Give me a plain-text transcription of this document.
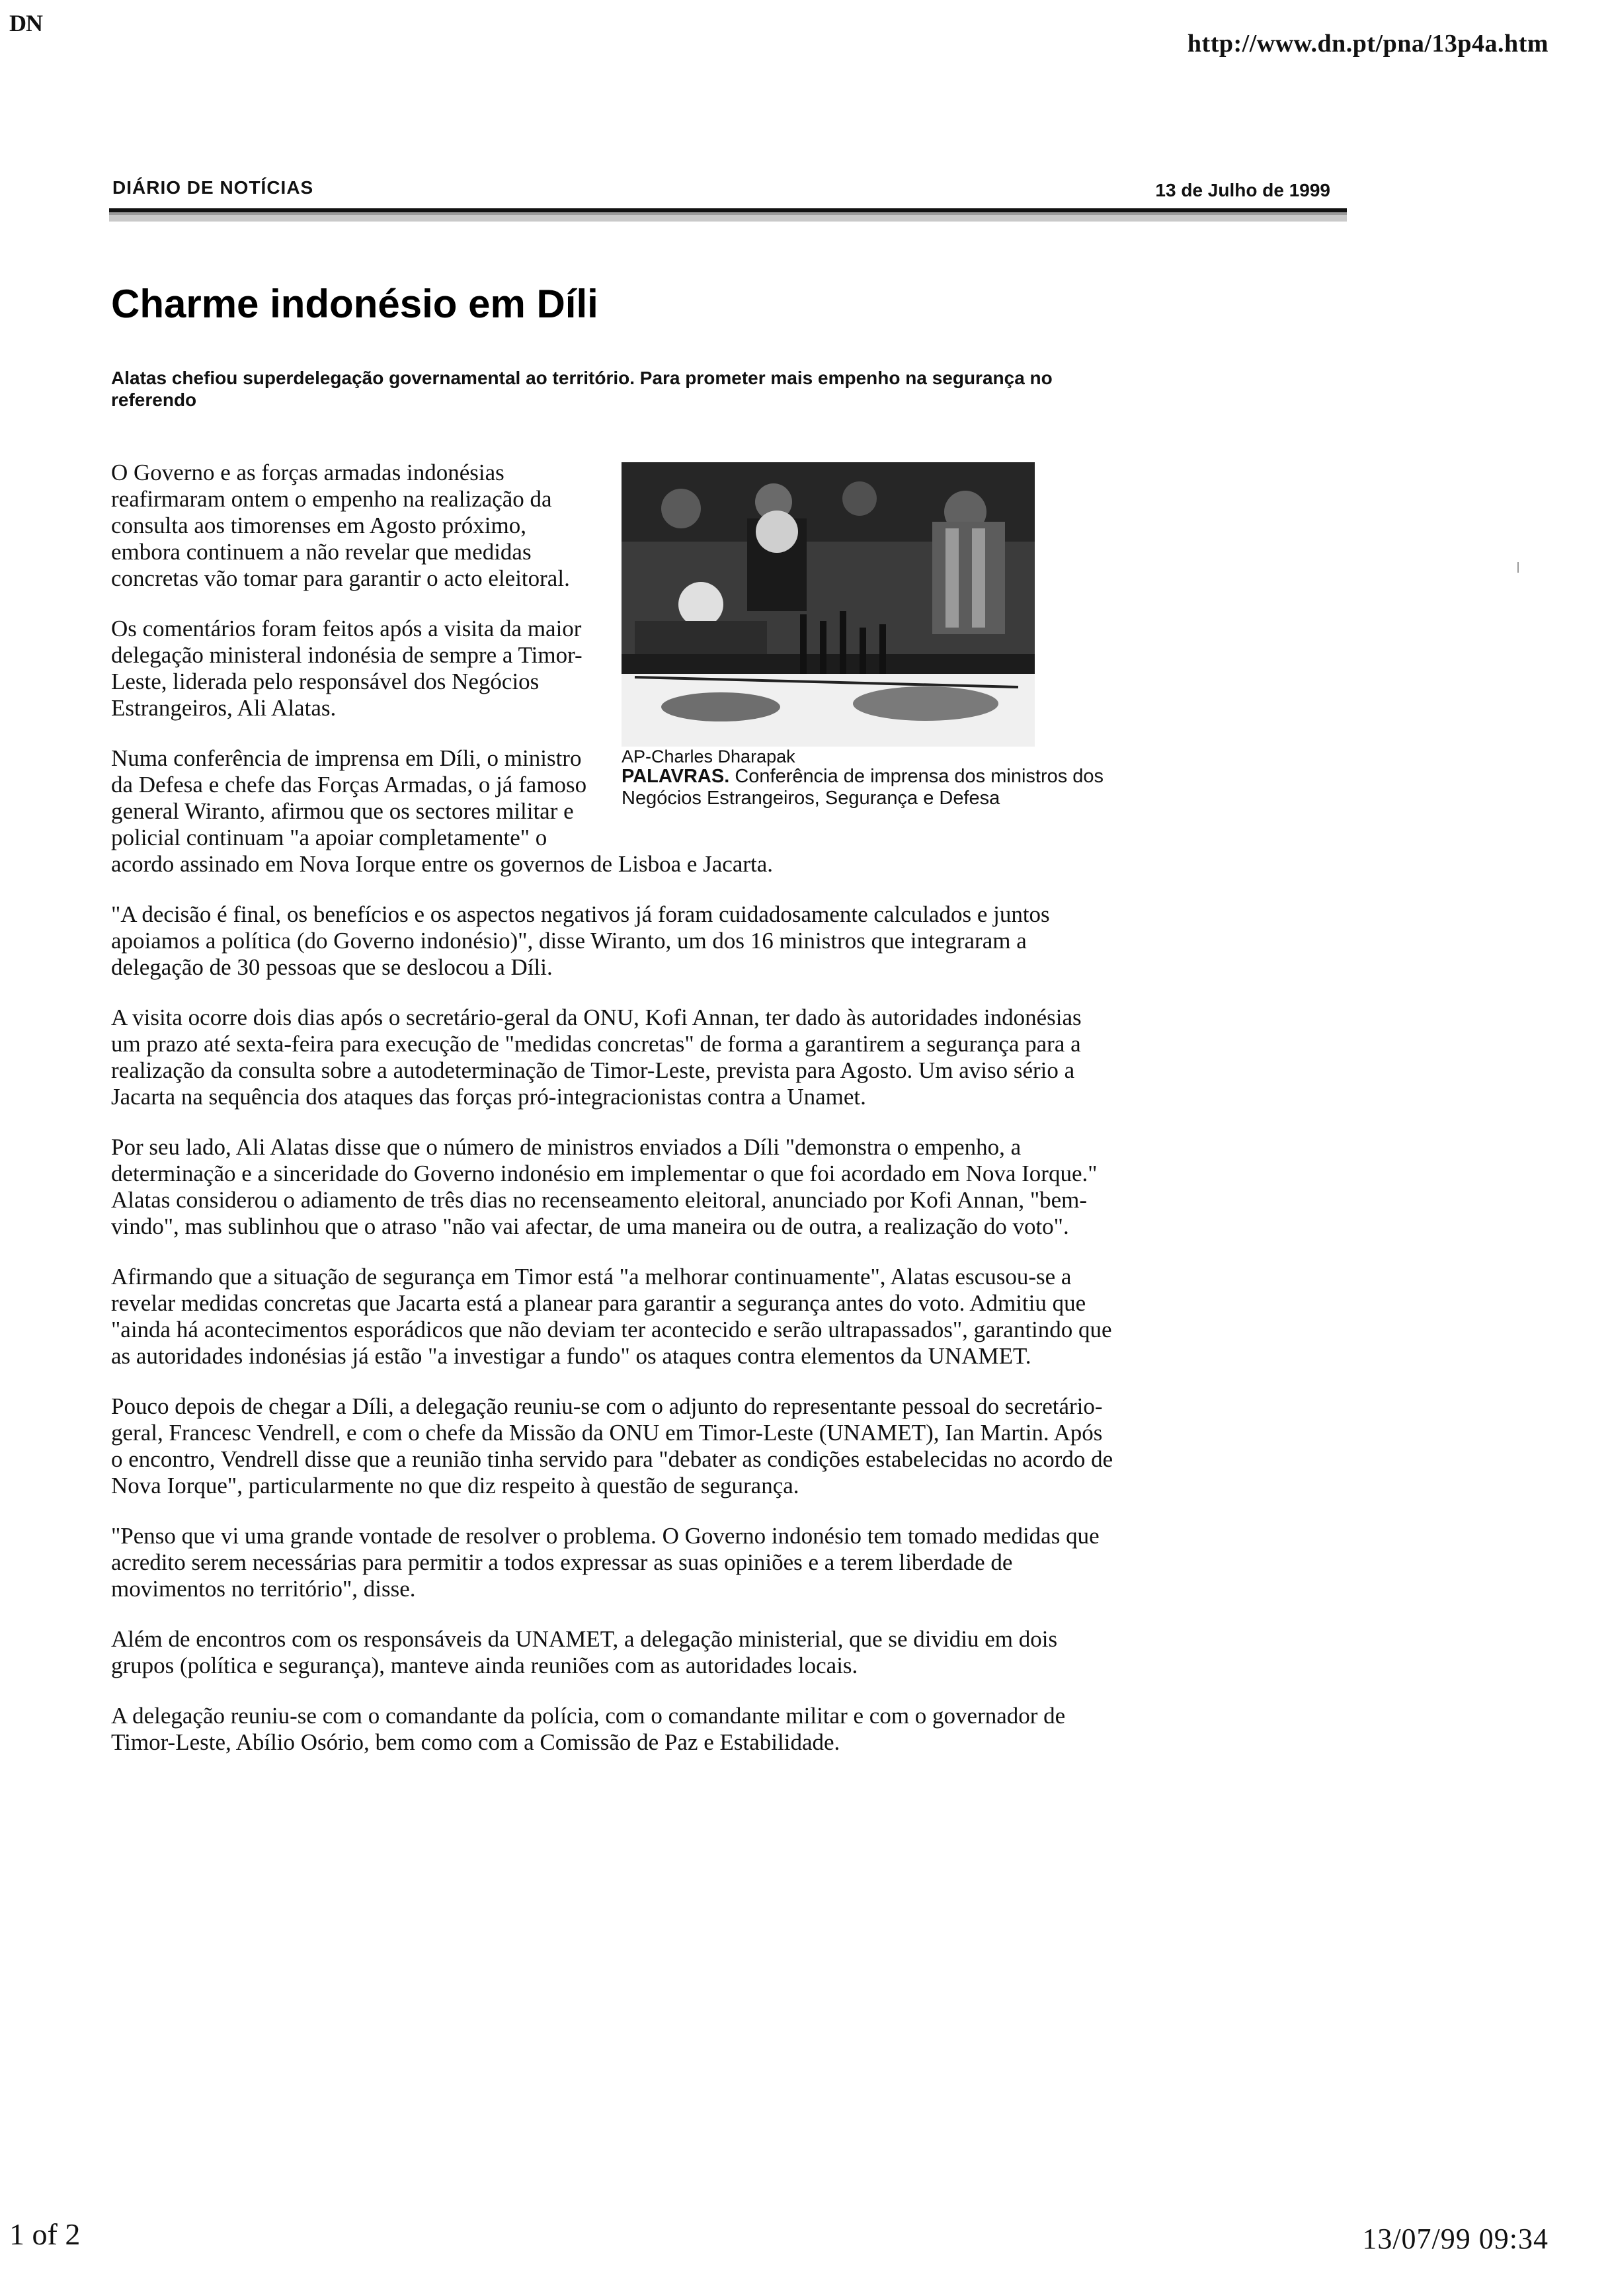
DN
http://www.dn.pt/pna/13p4a.htm
DIÁRIO DE NOTÍCIAS	13 de Julho de 1999
Charme indonésio em Díli

Alatas chefiou superdelegação governamental ao território. Para prometer mais empenho na segurança no referendo

AP-Charles Dharapak
PALAVRAS. Conferência de imprensa dos ministros dos Negócios Estrangeiros, Segurança e Defesa

O Governo e as forças armadas indonésias reafirmaram ontem o empenho na realização da consulta aos timorenses em Agosto próximo, embora continuem a não revelar que medidas concretas vão tomar para garantir o acto eleitoral.

Os comentários foram feitos após a visita da maior delegação ministeral indonésia de sempre a Timor-Leste, liderada pelo responsável dos Negócios Estrangeiros, Ali Alatas.

Numa conferência de imprensa em Díli, o ministro da Defesa e chefe das Forças Armadas, o já famoso general Wiranto, afirmou que os sectores militar e policial continuam "a apoiar completamente" o acordo assinado em Nova Iorque entre os governos de Lisboa e Jacarta.

"A decisão é final, os benefícios e os aspectos negativos já foram cuidadosamente calculados e juntos apoiamos a política (do Governo indonésio)", disse Wiranto, um dos 16 ministros que integraram a delegação de 30 pessoas que se deslocou a Díli.

A visita ocorre dois dias após o secretário-geral da ONU, Kofi Annan, ter dado às autoridades indonésias um prazo até sexta-feira para execução de "medidas concretas" de forma a garantirem a segurança para a realização da consulta sobre a autodeterminação de Timor-Leste, prevista para Agosto. Um aviso sério a Jacarta na sequência dos ataques das forças pró-integracionistas contra a Unamet.

Por seu lado, Ali Alatas disse que o número de ministros enviados a Díli "demonstra o empenho, a determinação e a sinceridade do Governo indonésio em implementar o que foi acordado em Nova Iorque." Alatas considerou o adiamento de três dias no recenseamento eleitoral, anunciado por Kofi Annan, "bem-vindo", mas sublinhou que o atraso "não vai afectar, de uma maneira ou de outra, a realização do voto".

Afirmando que a situação de segurança em Timor está "a melhorar continuamente", Alatas escusou-se a revelar medidas concretas que Jacarta está a planear para garantir a segurança antes do voto. Admitiu que "ainda há acontecimentos esporádicos que não deviam ter acontecido e serão ultrapassados", garantindo que as autoridades indonésias já estão "a investigar a fundo" os ataques contra elementos da UNAMET.

Pouco depois de chegar a Díli, a delegação reuniu-se com o adjunto do representante pessoal do secretário-geral, Francesc Vendrell, e com o chefe da Missão da ONU em Timor-Leste (UNAMET), Ian Martin. Após o encontro, Vendrell disse que a reunião tinha servido para "debater as condições estabelecidas no acordo de Nova Iorque", particularmente no que diz respeito à questão de segurança.

"Penso que vi uma grande vontade de resolver o problema. O Governo indonésio tem tomado medidas que acredito serem necessárias para permitir a todos expressar as suas opiniões e a terem liberdade de movimentos no território", disse.

Além de encontros com os responsáveis da UNAMET, a delegação ministerial, que se dividiu em dois grupos (política e segurança), manteve ainda reuniões com as autoridades locais.

A delegação reuniu-se com o comandante da polícia, com o comandante militar e com o governador de Timor-Leste, Abílio Osório, bem como com a Comissão de Paz e Estabilidade.

1 of 2	13/07/99 09:34
